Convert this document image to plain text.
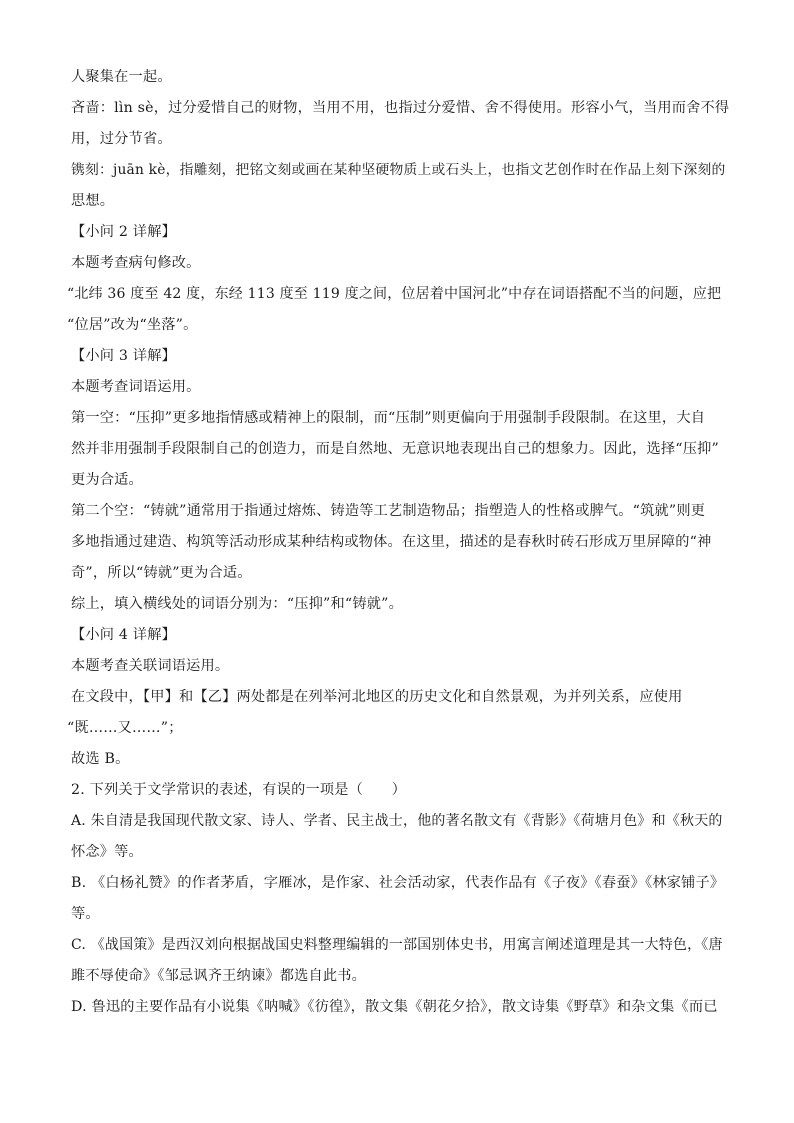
人聚集在一起。
吝啬：lìn sè，过分爱惜自己的财物，当用不用，也指过分爱惜、舍不得使用。形容小气，当用而舍不得
用，过分节省。
镌刻：juān kè，指雕刻，把铭文刻或画在某种坚硬物质上或石头上，也指文艺创作时在作品上刻下深刻的
思想。
【小问 2 详解】
本题考查病句修改。
“北纬 36 度至 42 度，东经 113 度至 119 度之间，位居着中国河北”中存在词语搭配不当的问题，应把
“位居”改为“坐落”。
【小问 3 详解】
本题考查词语运用。
第一空：“压抑”更多地指情感或精神上的限制，而“压制”则更偏向于用强制手段限制。在这里，大自
然并非用强制手段限制自己的创造力，而是自然地、无意识地表现出自己的想象力。因此，选择“压抑”
更为合适。
第二个空：“铸就”通常用于指通过熔炼、铸造等工艺制造物品；指塑造人的性格或脾气。“筑就”则更
多地指通过建造、构筑等活动形成某种结构或物体。在这里，描述的是春秋时砖石形成万里屏障的“神
奇”，所以“铸就”更为合适。
综上，填入横线处的词语分别为：“压抑”和“铸就”。
【小问 4 详解】
本题考查关联词语运用。
在文段中，【甲】和【乙】两处都是在列举河北地区的历史文化和自然景观，为并列关系，应使用
“既……又……”；
故选 B。
2. 下列关于文学常识的表述，有误的一项是（　　）
A. 朱自清是我国现代散文家、诗人、学者、民主战士，他的著名散文有《背影》《荷塘月色》和《秋天的
怀念》等。
B. 《白杨礼赞》的作者茅盾，字雁冰，是作家、社会活动家，代表作品有《子夜》《春蚕》《林家铺子》
等。
C. 《战国策》是西汉刘向根据战国史料整理编辑的一部国别体史书，用寓言阐述道理是其一大特色，《唐
雎不辱使命》《邹忌讽齐王纳谏》都选自此书。
D. 鲁迅的主要作品有小说集《呐喊》《彷徨》，散文集《朝花夕拾》，散文诗集《野草》和杂文集《而已
